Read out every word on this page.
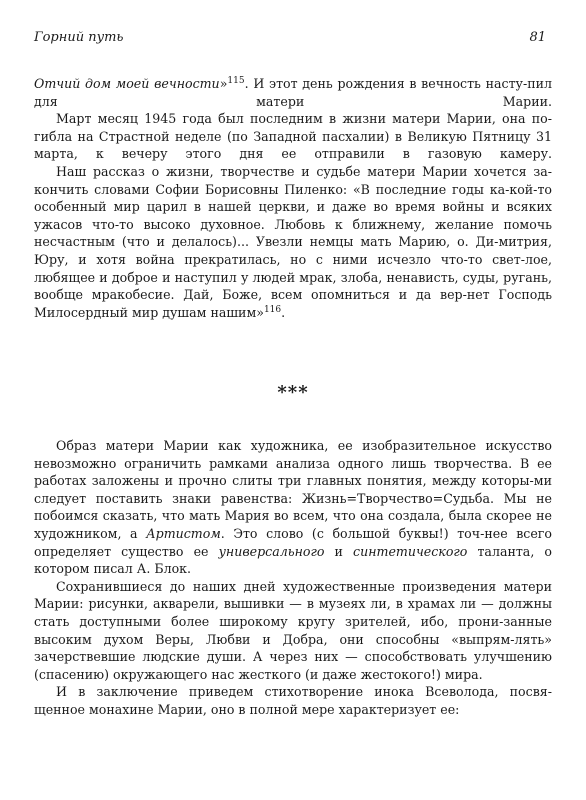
Горний путь	81

Отчий дом моей вечности»$^{115}$. И этот день рождения в вечность насту-пил для матери Марии.

Март месяц 1945 года был последним в жизни матери Марии, она по-гибла на Страстной неделе (по Западной пасхалии) в Великую Пятницу 31 марта, к вечеру этого дня ее отправили в газовую камеру.

Наш рассказ о жизни, творчестве и судьбе матери Марии хочется за-кончить словами Софии Борисовны Пиленко: «В последние годы ка-кой-то особенный мир царил в нашей церкви, и даже во время войны и всяких ужасов что-то высоко духовное. Любовь к ближнему, желание помочь несчастным (что и делалось)... Увезли немцы мать Марию, о. Ди-митрия, Юру, и хотя война прекратилась, но с ними исчезло что-то свет-лое, любящее и доброе и наступил у людей мрак, злоба, ненависть, суды, ругань, вообще мракобесие. Дай, Боже, всем опомниться и да вер-нет Господь Милосердный мир душам нашим»$^{116}$.

***

Образ матери Марии как художника, ее изобразительное искусство невозможно ограничить рамками анализа одного лишь творчества. В ее работах заложены и прочно слиты три главных понятия, между которы-ми следует поставить знаки равенства: Жизнь=Творчество=Судьба. Мы не побоимся сказать, что мать Мария во всем, что она создала, была скорее не художником, а Артистом. Это слово (с большой буквы!) точ-нее всего определяет существо ее универсального и синтетического таланта, о котором писал А. Блок.

Сохранившиеся до наших дней художественные произведения матери Марии: рисунки, акварели, вышивки — в музеях ли, в храмах ли — должны стать доступными более широкому кругу зрителей, ибо, прони-занные высоким духом Веры, Любви и Добра, они способны «выпрям-лять» зачерствевшие людские души. А через них — способствовать улучшению (спасению) окружающего нас жесткого (и даже жестокого!) мира.

И в заключение приведем стихотворение инока Всеволода, посвя-щенное монахине Марии, оно в полной мере характеризует ее:
